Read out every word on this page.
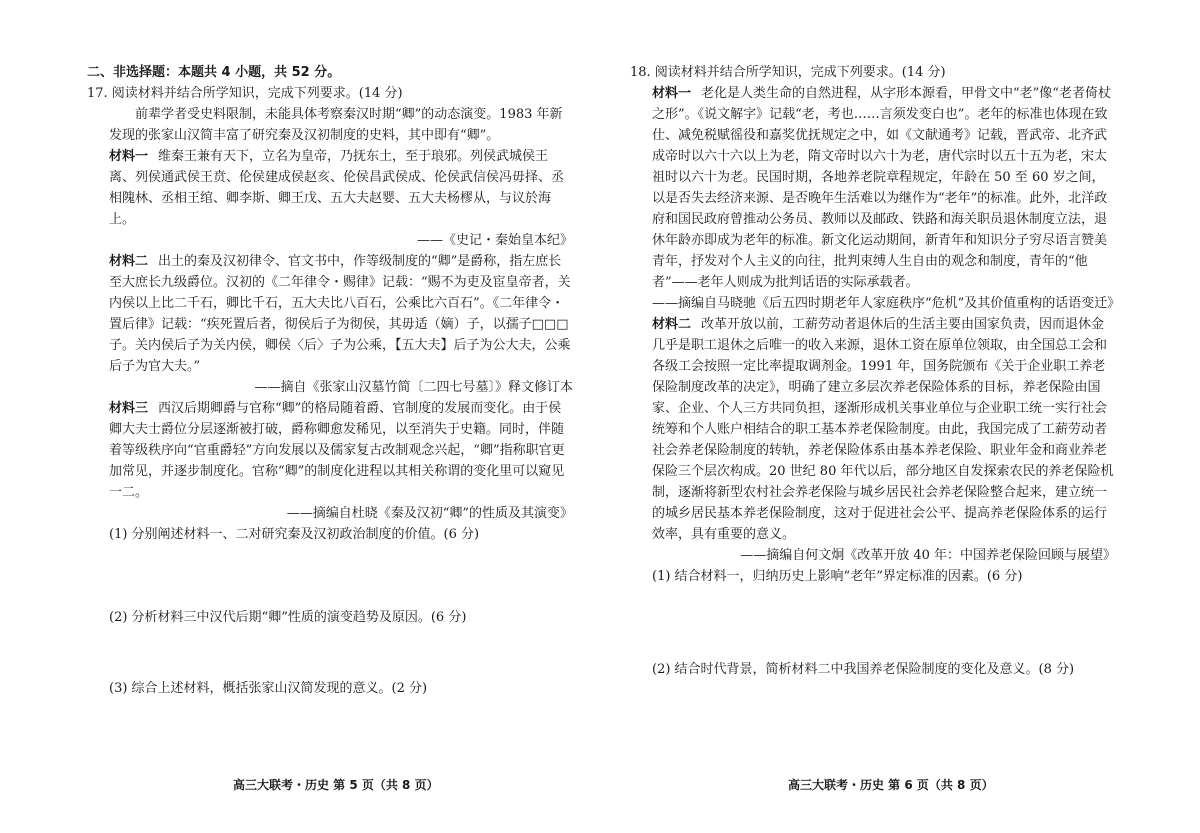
二、非选择题：本题共 4 小题，共 52 分。

17. 阅读材料并结合所学知识，完成下列要求。(14 分)

前辈学者受史料限制，未能具体考察秦汉时期“卿”的动态演变。1983 年新发现的张家山汉简丰富了研究秦及汉初制度的史料，其中即有“卿”。

材料一 维秦王兼有天下，立名为皇帝，乃抚东土，至于琅邪。列侯武城侯王离、列侯通武侯王贲、伦侯建成侯赵亥、伦侯昌武侯成、伦侯武信侯冯毋择、丞相隗林、丞相王绾、卿李斯、卿王戊、五大夫赵婴、五大夫杨樛从，与议於海上。

——《史记・秦始皇本纪》

材料二 出土的秦及汉初律令、官文书中，作等级制度的“卿”是爵称，指左庶长至大庶长九级爵位。汉初的《二年律令・赐律》记载：“赐不为吏及宦皇帝者，关内侯以上比二千石，卿比千石，五大夫比八百石，公乘比六百石”。《二年律令・置后律》记载：“疾死置后者，彻侯后子为彻侯，其毋适（嫡）子，以孺子□□□子。关内侯后子为关内侯，卿侯〈后〉子为公乘，【五大夫】后子为公大夫，公乘后子为官大夫。”

——摘自《张家山汉墓竹简〔二四七号墓〕》释文修订本

材料三 西汉后期卿爵与官称“卿”的格局随着爵、官制度的发展而变化。由于侯卿大夫士爵位分层逐渐被打破，爵称卿愈发稀见，以至消失于史籍。同时，伴随着等级秩序向“官重爵轻”方向发展以及儒家复古改制观念兴起，“卿”指称职官更加常见，并逐步制度化。官称“卿”的制度化进程以其相关称谓的变化里可以窥见一二。

——摘编自杜晓《秦及汉初“卿”的性质及其演变》

(1) 分别阐述材料一、二对研究秦及汉初政治制度的价值。(6 分)

(2) 分析材料三中汉代后期“卿”性质的演变趋势及原因。(6 分)

(3) 综合上述材料，概括张家山汉简发现的意义。(2 分)

18. 阅读材料并结合所学知识，完成下列要求。(14 分)

材料一 老化是人类生命的自然进程，从字形本源看，甲骨文中“老”像“老者倚杖之形”。《说文解字》记载“老，考也……言须发变白也”。老年的标准也体现在致仕、减免税赋徭役和嘉奖优抚规定之中，如《文献通考》记载，晋武帝、北齐武成帝时以六十六以上为老，隋文帝时以六十为老，唐代宗时以五十五为老，宋太祖时以六十为老。民国时期，各地养老院章程规定，年龄在 50 至 60 岁之间，以是否失去经济来源、是否晚年生活难以为继作为“老年”的标准。此外，北洋政府和国民政府曾推动公务员、教师以及邮政、铁路和海关职员退休制度立法，退休年龄亦即成为老年的标准。新文化运动期间，新青年和知识分子穷尽语言赞美青年，抒发对个人主义的向往，批判束缚人生自由的观念和制度，青年的“他者”——老年人则成为批判话语的实际承载者。

——摘编自马晓驰《后五四时期老年人家庭秩序“危机”及其价值重构的话语变迁》

材料二 改革开放以前，工薪劳动者退休后的生活主要由国家负责，因而退休金几乎是职工退休之后唯一的收入来源，退休工资在原单位领取，由全国总工会和各级工会按照一定比率提取调剂金。1991 年，国务院颁布《关于企业职工养老保险制度改革的决定》，明确了建立多层次养老保险体系的目标，养老保险由国家、企业、个人三方共同负担，逐渐形成机关事业单位与企业职工统一实行社会统筹和个人账户相结合的职工基本养老保险制度。由此，我国完成了工薪劳动者社会养老保险制度的转轨，养老保险体系由基本养老保险、职业年金和商业养老保险三个层次构成。20 世纪 80 年代以后，部分地区自发探索农民的养老保险机制，逐渐将新型农村社会养老保险与城乡居民社会养老保险整合起来，建立统一的城乡居民基本养老保险制度，这对于促进社会公平、提高养老保险体系的运行效率，具有重要的意义。

——摘编自何文炯《改革开放 40 年：中国养老保险回顾与展望》

(1) 结合材料一，归纳历史上影响“老年”界定标准的因素。(6 分)

(2) 结合时代背景，简析材料二中我国养老保险制度的变化及意义。(8 分)

高三大联考・历史 第 5 页（共 8 页）	高三大联考・历史 第 6 页（共 8 页）
